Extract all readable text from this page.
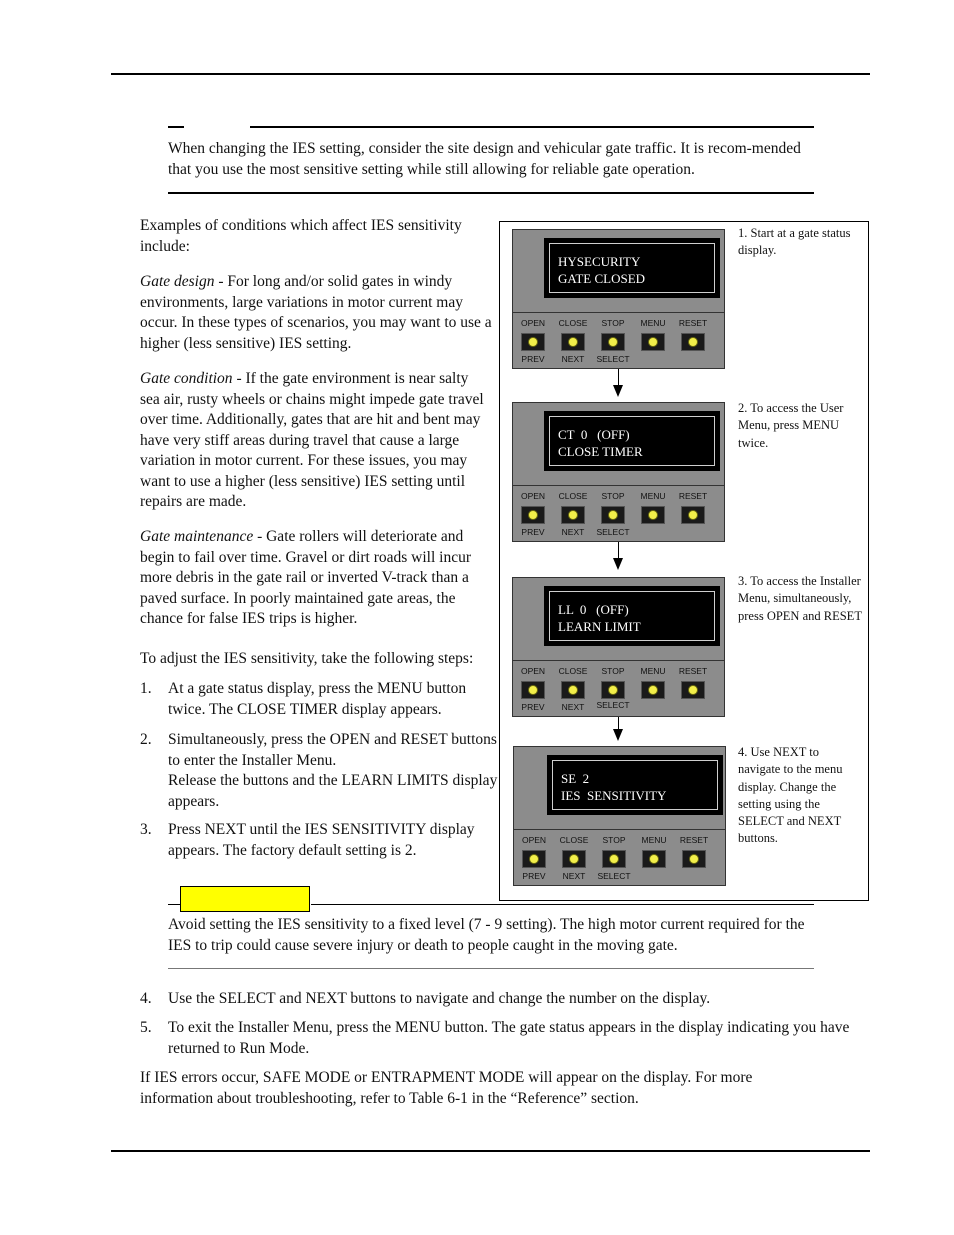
When changing the IES setting, consider the site design and vehicular gate traffic. It is recom-mended that you use the most sensitive setting while still allowing for reliable gate operation.
Examples of conditions which affect IES sensitivity include:
Gate design - For long and/or solid gates in windy environments, large variations in motor current may occur. In these types of scenarios, you may want to use a higher (less sensitive) IES setting.
Gate condition - If the gate environment is near salty sea air, rusty wheels or chains might impede gate travel over time. Additionally, gates that are hit and bent may have very stiff areas during travel that cause a large variation in motor current. For these issues, you may want to use a higher (less sensitive) IES setting until repairs are made.
Gate maintenance - Gate rollers will deteriorate and begin to fail over time. Gravel or dirt roads will incur more debris in the gate rail or inverted V-track than a paved surface. In poorly maintained gate areas, the chance for false IES trips is higher.
To adjust the IES sensitivity, take the following steps:
1. At a gate status display, press the MENU button twice. The CLOSE TIMER display appears.
2. Simultaneously, press the OPEN and RESET buttons to enter the Installer Menu.
Release the buttons and the LEARN LIMITS display appears.
3. Press NEXT until the IES SENSITIVITY display appears. The factory default setting is 2.
HYSECURITY
GATE CLOSED
OPEN	CLOSE	STOP	MENU	RESET
PREV	NEXT	SELECT
1. Start at a gate status display.
CT  0   (OFF)
CLOSE TIMER
OPEN	CLOSE	STOP	MENU	RESET
PREV	NEXT	SELECT
2. To access the User Menu, press MENU twice.
LL  0   (OFF)
LEARN LIMIT
OPEN	CLOSE	STOP	MENU	RESET
PREV	NEXT	SELECT
3. To access the Installer Menu, simultaneously, press OPEN and RESET
SE  2
IES  SENSITIVITY
OPEN	CLOSE	STOP	MENU	RESET
PREV	NEXT	SELECT
4. Use NEXT to navigate to the menu display. Change the setting using the SELECT and NEXT buttons.
Avoid setting the IES sensitivity to a fixed level (7 - 9 setting). The high motor current required for the IES to trip could cause severe injury or death to people caught in the moving gate.
4. Use the SELECT and NEXT buttons to navigate and change the number on the display.
5. To exit the Installer Menu, press the MENU button. The gate status appears in the display indicating you have returned to Run Mode.
If IES errors occur, SAFE MODE or ENTRAPMENT MODE will appear on the display. For more information about troubleshooting, refer to Table 6-1 in the “Reference” section.
